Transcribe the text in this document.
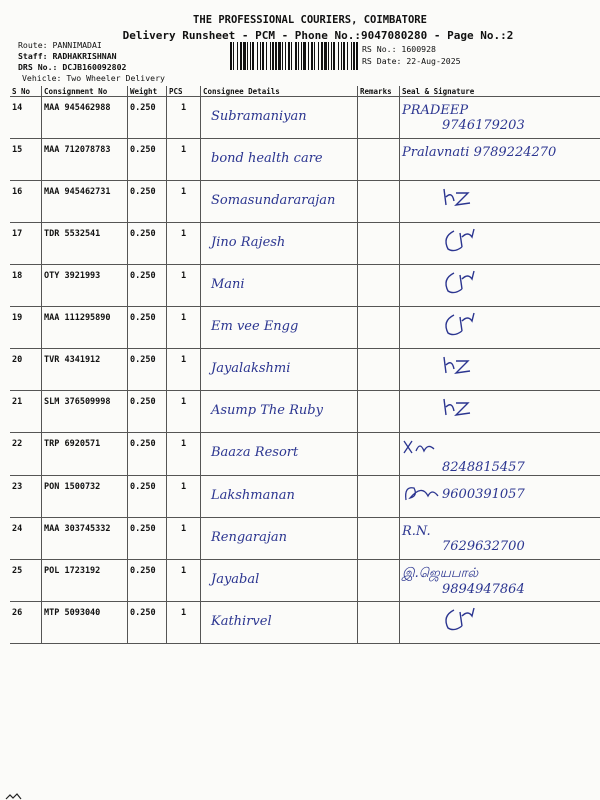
THE PROFESSIONAL COURIERS, COIMBATORE
Delivery Runsheet - PCM - Phone No.:9047080280 - Page No.:2
Route: PANNIMADAI
Staff: RADHAKRISHNAN
DRS No.: DCJB160092802
Vehicle: Two Wheeler Delivery
RS No.: 1600928
RS Date: 22-Aug-2025
S No	Consignment No	Weight	PCS	Consignee Details	Remarks	Seal & Signature
14	MAA 945462988	0.250	1	Subramaniyan		PRADEEP
9746179203

15	MAA 712078783	0.250	1	bond health care		Pralavnati 9789224270

16	MAA 945462731	0.250	1	Somasundararajan

17	TDR 5532541	0.250	1	Jino Rajesh

18	OTY 3921993	0.250	1	Mani

19	MAA 111295890	0.250	1	Em vee Engg

20	TVR 4341912	0.250	1	Jayalakshmi

21	SLM 376509998	0.250	1	Asump The Ruby

22	TRP 6920571	0.250	1	Baaza Resort		8248815457

23	PON 1500732	0.250	1	Lakshmanan		9600391057
24	MAA 303745332	0.250	1	Rengarajan		R.N.
7629632700

25	POL 1723192	0.250	1	Jayabal		இ.ஜெயபால்
9894947864

26	MTP 5093040	0.250	1	Kathirvel
